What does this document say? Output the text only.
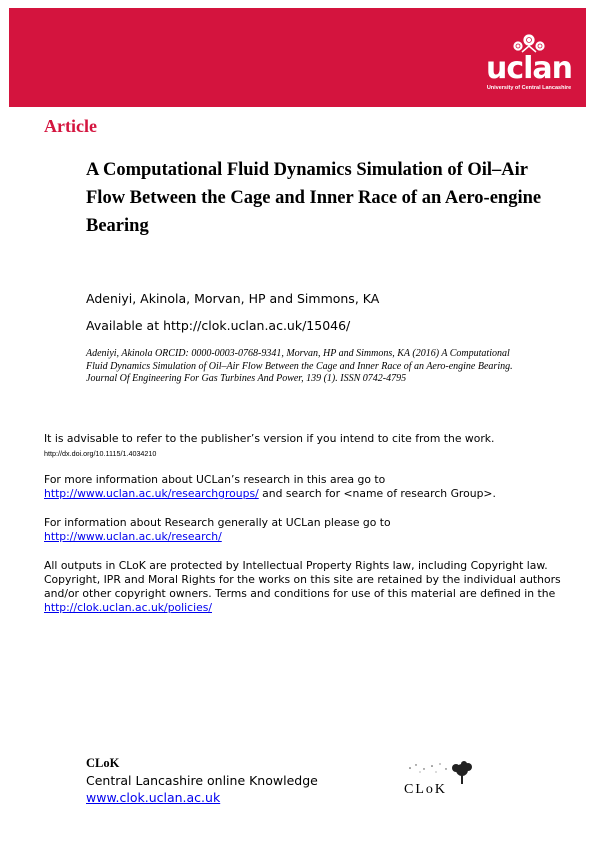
uclan
University of Central Lancashire

Article

A Computational Fluid Dynamics Simulation of Oil–Air Flow Between the Cage and Inner Race of an Aero-engine Bearing

Adeniyi, Akinola, Morvan, HP and Simmons, KA

Available at http://clok.uclan.ac.uk/15046/

Adeniyi, Akinola ORCID: 0000-0003-0768-9341, Morvan, HP and Simmons, KA (2016) A Computational Fluid Dynamics Simulation of Oil–Air Flow Between the Cage and Inner Race of an Aero-engine Bearing. Journal Of Engineering For Gas Turbines And Power, 139 (1). ISSN 0742-4795

It is advisable to refer to the publisher’s version if you intend to cite from the work.

http://dx.doi.org/10.1115/1.4034210

For more information about UCLan’s research in this area go to
http://www.uclan.ac.uk/researchgroups/ and search for <name of research Group>.

For information about Research generally at UCLan please go to
http://www.uclan.ac.uk/research/

All outputs in CLoK are protected by Intellectual Property Rights law, including Copyright law. Copyright, IPR and Moral Rights for the works on this site are retained by the individual authors and/or other copyright owners. Terms and conditions for use of this material are defined in the http://clok.uclan.ac.uk/policies/

CLoK

Central Lancashire online Knowledge

www.clok.uclan.ac.uk
CLoK
